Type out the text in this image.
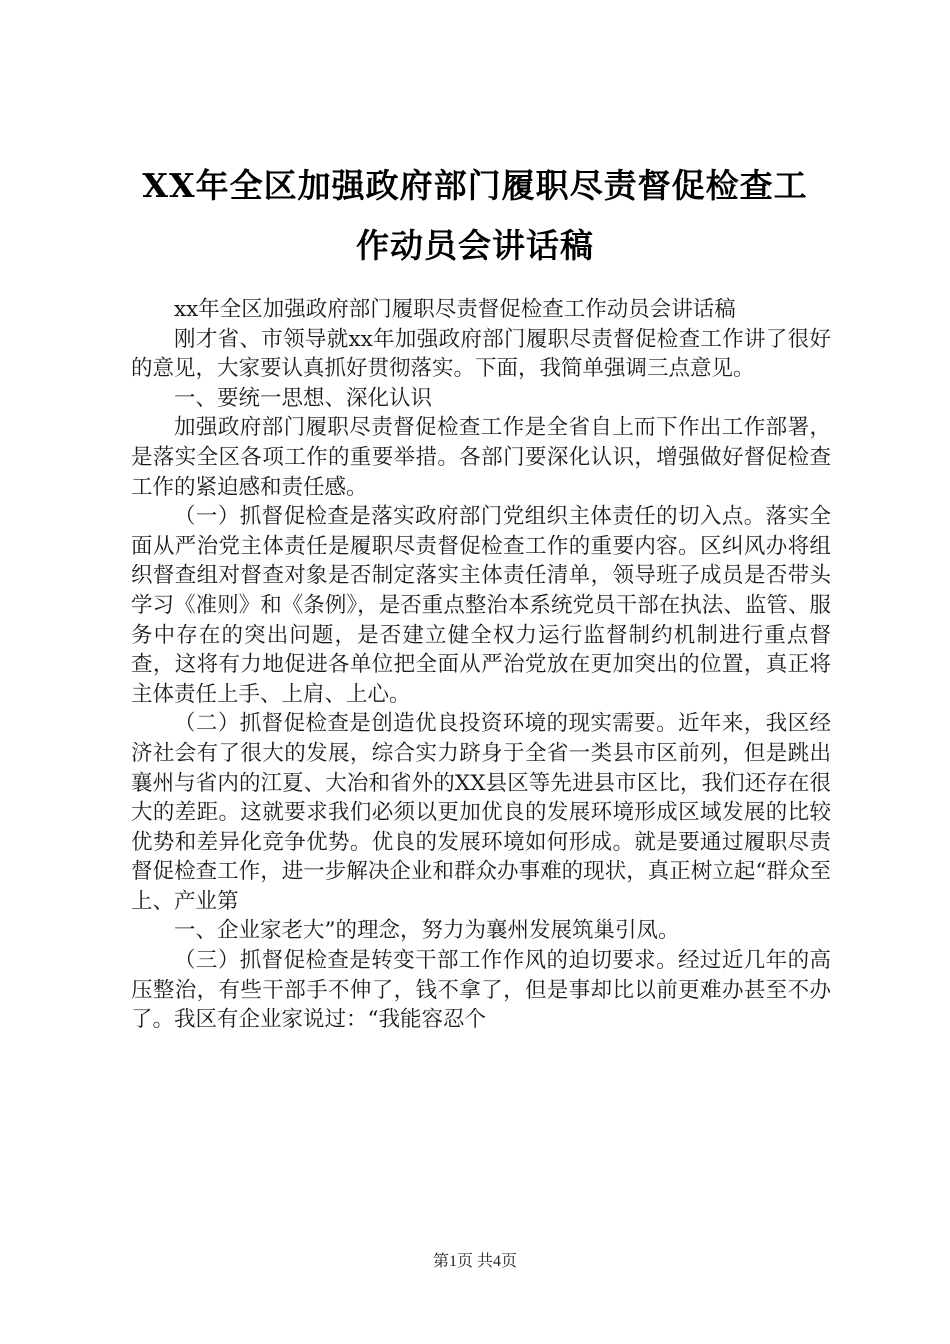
XX年全区加强政府部门履职尽责督促检查工
作动员会讲话稿

xx年全区加强政府部门履职尽责督促检查工作动员会讲话稿

刚才省、市领导就xx年加强政府部门履职尽责督促检查工作讲了很好的意见，大家要认真抓好贯彻落实。下面，我简单强调三点意见。

一、要统一思想、深化认识

加强政府部门履职尽责督促检查工作是全省自上而下作出工作部署，是落实全区各项工作的重要举措。各部门要深化认识，增强做好督促检查工作的紧迫感和责任感。

（一）抓督促检查是落实政府部门党组织主体责任的切入点。落实全面从严治党主体责任是履职尽责督促检查工作的重要内容。区纠风办将组织督查组对督查对象是否制定落实主体责任清单，领导班子成员是否带头学习《准则》和《条例》，是否重点整治本系统党员干部在执法、监管、服务中存在的突出问题，是否建立健全权力运行监督制约机制进行重点督查，这将有力地促进各单位把全面从严治党放在更加突出的位置，真正将主体责任上手、上肩、上心。

（二）抓督促检查是创造优良投资环境的现实需要。近年来，我区经济社会有了很大的发展，综合实力跻身于全省一类县市区前列，但是跳出襄州与省内的江夏、大冶和省外的XX县区等先进县市区比，我们还存在很大的差距。这就要求我们必须以更加优良的发展环境形成区域发展的比较优势和差异化竞争优势。优良的发展环境如何形成。就是要通过履职尽责督促检查工作，进一步解决企业和群众办事难的现状，真正树立起“群众至上、产业第

一、企业家老大”的理念，努力为襄州发展筑巢引凤。

（三）抓督促检查是转变干部工作作风的迫切要求。经过近几年的高压整治，有些干部手不伸了，钱不拿了，但是事却比以前更难办甚至不办了。我区有企业家说过：“我能容忍个

第1页 共4页
